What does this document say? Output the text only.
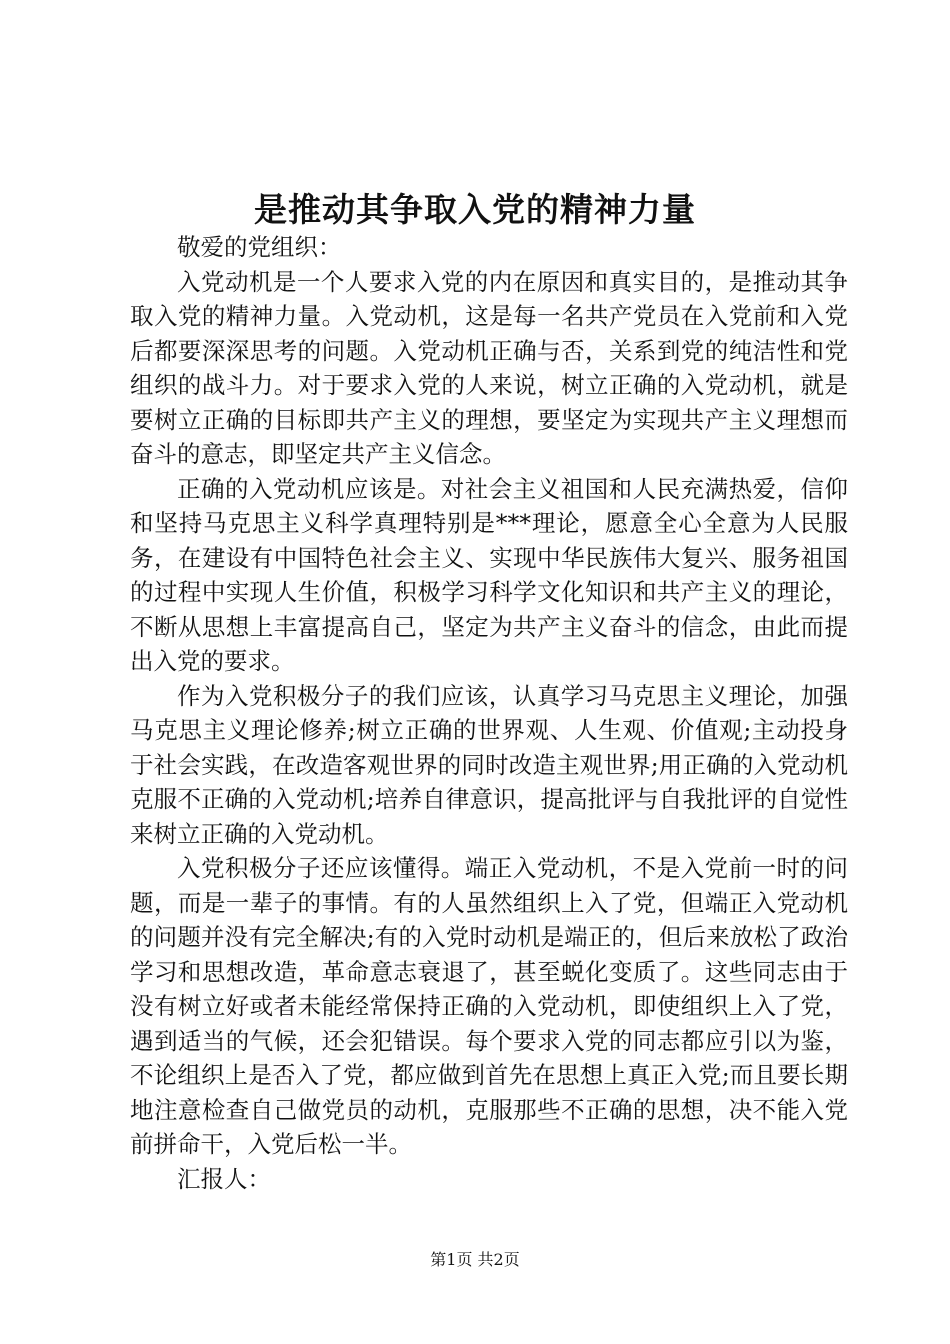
是推动其争取入党的精神力量

敬爱的党组织：

入党动机是一个人要求入党的内在原因和真实目的，是推动其争取入党的精神力量。入党动机，这是每一名共产党员在入党前和入党后都要深深思考的问题。入党动机正确与否，关系到党的纯洁性和党组织的战斗力。对于要求入党的人来说，树立正确的入党动机，就是要树立正确的目标即共产主义的理想，要坚定为实现共产主义理想而奋斗的意志，即坚定共产主义信念。

正确的入党动机应该是。对社会主义祖国和人民充满热爱，信仰和坚持马克思主义科学真理特别是***理论，愿意全心全意为人民服务，在建设有中国特色社会主义、实现中华民族伟大复兴、服务祖国的过程中实现人生价值，积极学习科学文化知识和共产主义的理论，不断从思想上丰富提高自己，坚定为共产主义奋斗的信念，由此而提出入党的要求。

作为入党积极分子的我们应该，认真学习马克思主义理论，加强马克思主义理论修养;树立正确的世界观、人生观、价值观;主动投身于社会实践，在改造客观世界的同时改造主观世界;用正确的入党动机克服不正确的入党动机;培养自律意识，提高批评与自我批评的自觉性来树立正确的入党动机。

入党积极分子还应该懂得。端正入党动机，不是入党前一时的问题，而是一辈子的事情。有的人虽然组织上入了党，但端正入党动机的问题并没有完全解决;有的入党时动机是端正的，但后来放松了政治学习和思想改造，革命意志衰退了，甚至蜕化变质了。这些同志由于没有树立好或者未能经常保持正确的入党动机，即使组织上入了党，遇到适当的气候，还会犯错误。每个要求入党的同志都应引以为鉴，不论组织上是否入了党，都应做到首先在思想上真正入党;而且要长期地注意检查自己做党员的动机，克服那些不正确的思想，决不能入党前拼命干，入党后松一半。

汇报人：

第1页 共2页
